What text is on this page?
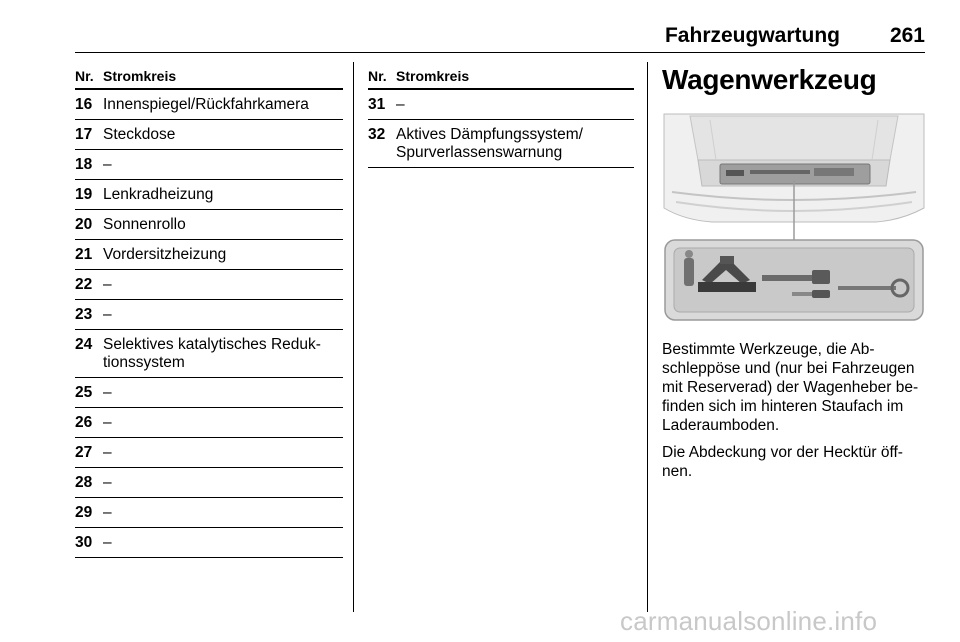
Fahrzeugwartung	261
Nr. Stromkreis
16 Innenspiegel/Rückfahrkamera
17 Steckdose
18 –
19 Lenkradheizung
20 Sonnenrollo
21 Vordersitzheizung
22 –
23 –
24 Selektives katalytisches Reduk-tionssystem
25 –
26 –
27 –
28 –
29 –
30 –
Nr. Stromkreis
31 –
32 Aktives Dämpfungssystem/ Spurverlassenswarnung
Wagenwerkzeug

Bestimmte Werkzeuge, die Ab-schleppöse und (nur bei Fahrzeugen mit Reserverad) der Wagenheber be-finden sich im hinteren Staufach im Laderaumboden.

Die Abdeckung vor der Hecktür öff-nen.

carmanualsonline.info
